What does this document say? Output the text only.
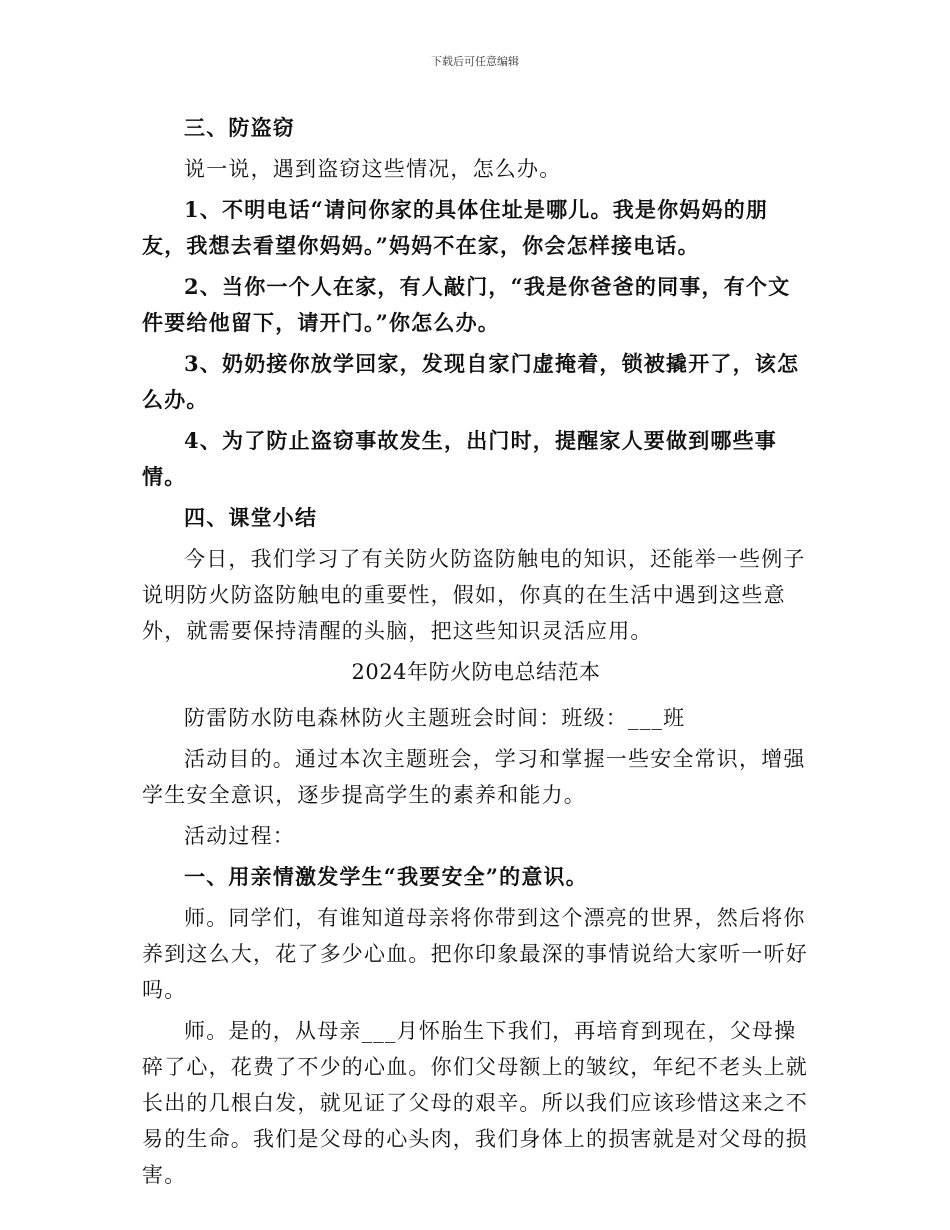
下载后可任意编辑
三、防盗窃
说一说，遇到盗窃这些情况，怎么办。
1、不明电话“请问你家的具体住址是哪儿。我是你妈妈的朋友，我想去看望你妈妈。”妈妈不在家，你会怎样接电话。
2、当你一个人在家，有人敲门，“我是你爸爸的同事，有个文件要给他留下，请开门。”你怎么办。
3、奶奶接你放学回家，发现自家门虚掩着，锁被撬开了，该怎么办。
4、为了防止盗窃事故发生，出门时，提醒家人要做到哪些事情。
四、课堂小结
今日，我们学习了有关防火防盗防触电的知识，还能举一些例子说明防火防盗防触电的重要性，假如，你真的在生活中遇到这些意外，就需要保持清醒的头脑，把这些知识灵活应用。
2024年防火防电总结范本
防雷防水防电森林防火主题班会时间：班级：___班
活动目的。通过本次主题班会，学习和掌握一些安全常识，增强学生安全意识，逐步提高学生的素养和能力。
活动过程：
一、用亲情激发学生“我要安全”的意识。
师。同学们，有谁知道母亲将你带到这个漂亮的世界，然后将你养到这么大，花了多少心血。把你印象最深的事情说给大家听一听好吗。
师。是的，从母亲___月怀胎生下我们，再培育到现在，父母操碎了心，花费了不少的心血。你们父母额上的皱纹，年纪不老头上就长出的几根白发，就见证了父母的艰辛。所以我们应该珍惜这来之不易的生命。我们是父母的心头肉，我们身体上的损害就是对父母的损害。
